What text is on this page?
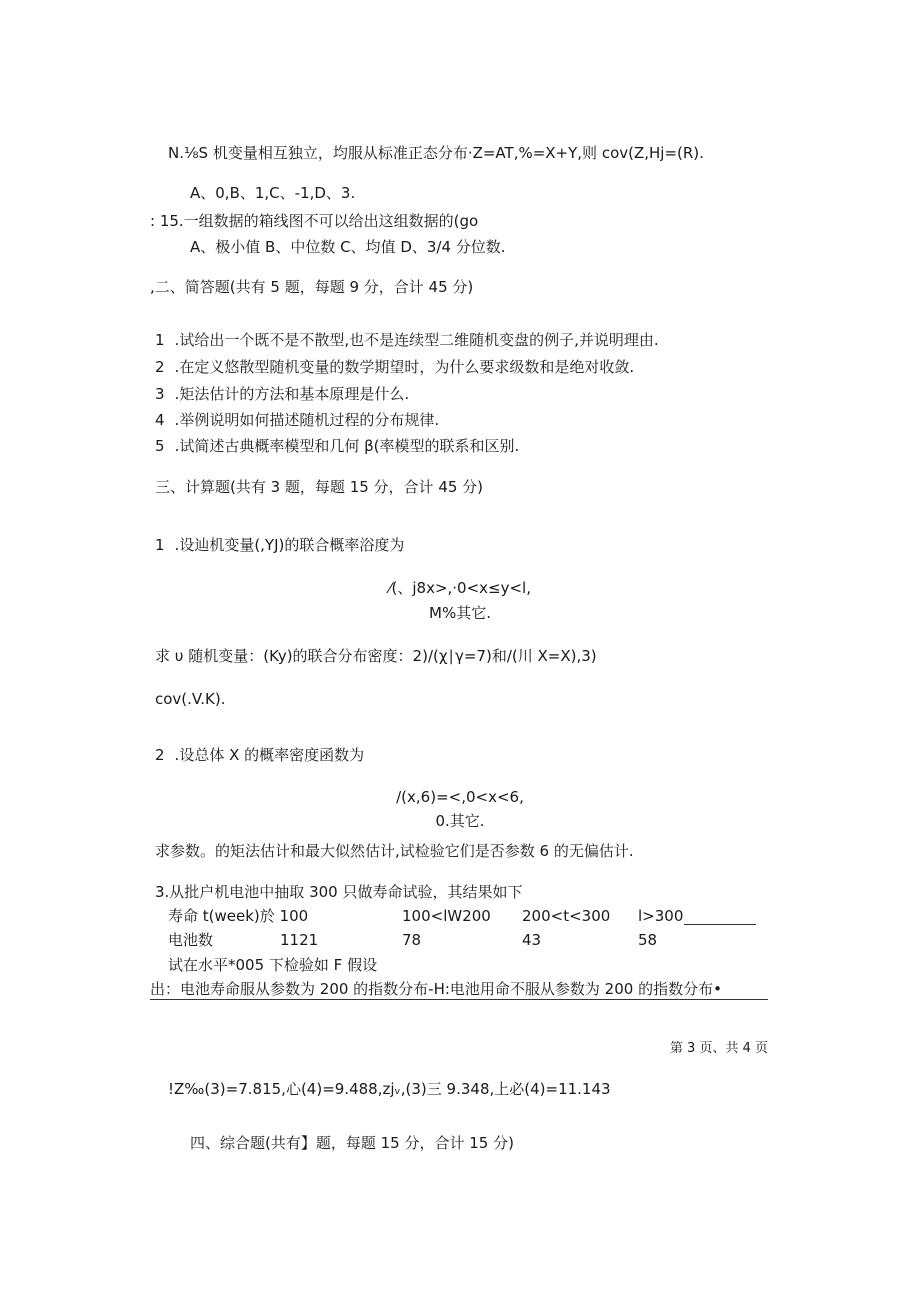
N.⅛S 机变量相互独立，均服从标准正态分布·Z=AT,%=X+Y,则 cov(Z,Hj=(R).
A、0,B、1,C、-1,D、3.
: 15.一组数据的箱线图不可以给出这组数据的(go
A、极小值 B、中位数 C、均值 D、3/4 分位数.
,二、简答题(共有 5 题，每题 9 分，合计 45 分)
1 .试给出一个既不是不散型,也不是连续型二维随机变盘的例子,并说明理由.
2 .在定义悠散型随机变量的数学期望时，为什么要求级数和是绝对收敛.
3 .矩法估计的方法和基本原理是什么.
4 .举例说明如何描述随机过程的分布规律.
5 .试简述古典概率模型和几何 β(率模型的联系和区别.
三、计算题(共有 3 题，每题 15 分，合计 45 分)
1 .设辿机变量(,YJ)的联合概率浴度为
⁄(、j8x>,·0<x≤y<l,
M%其它.
求 υ 随机变量：(Ky)的联合分布密度：2)/(χ∣γ=7)和/(川 X=X),3)
cov(.V.K).
2 .设总体 X 的概率密度函数为
/(x,6)=<,0<x<6,
0.其它.
求参数。的矩法估计和最大似然估计,试检验它们是否参数 6 的无偏估计.
3.从批户机电池中抽取 300 只做寿命试验，其结果如下
寿命 t(week)於 100	100<lW200 200<t<300 l>300
电池数	1121	78	43	58
试在水平*005 下检验如 F 假设
出：电池寿命服从参数为 200 的指数分布-H:电池用命不服从参数为 200 的指数分布•
第 3 页、共 4 页
!Z‰(3)=7.815,心(4)=9.488,zjᵥ,(3)三 9.348,上必(4)=11.143
四、综合题(共有】题，每题 15 分，合计 15 分)
